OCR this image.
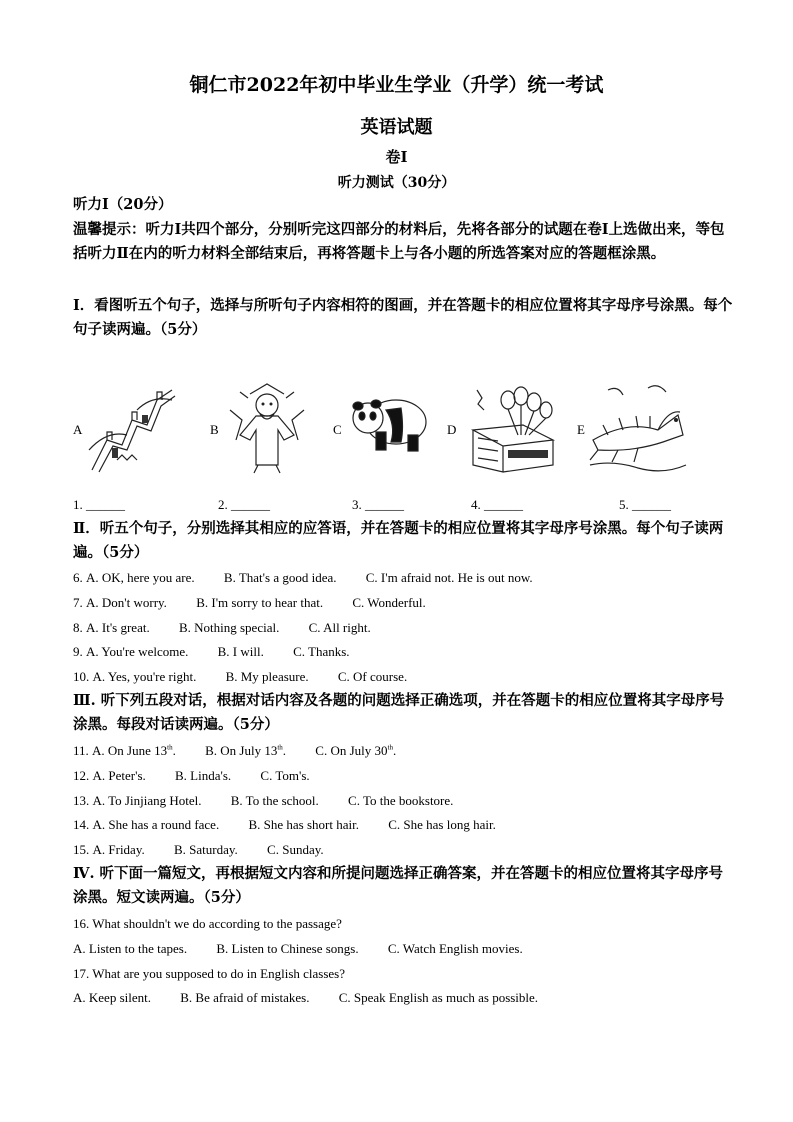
铜仁市2022年初中毕业生学业（升学）统一考试
英语试题
卷Ⅰ
听力测试（30分）
听力Ⅰ（20分）
温馨提示：听力Ⅰ共四个部分，分别听完这四部分的材料后，先将各部分的试题在卷Ⅰ上选做出来，等包括听力Ⅱ在内的听力材料全部结束后，再将答题卡上与各小题的所选答案对应的答题框涂黑。
Ⅰ．看图听五个句子，选择与所听句子内容相符的图画，并在答题卡的相应位置将其字母序号涂黑。每个句子读两遍。（5分）
A	B	C	D	E
1. ______	2. ______	3. ______	4. ______	5. ______
Ⅱ．听五个句子，分别选择其相应的应答语，并在答题卡的相应位置将其字母序号涂黑。每个句子读两遍。（5分）
6. A. OK, here you are. B. That's a good idea. C. I'm afraid not. He is out now.
7. A. Don't worry. B. I'm sorry to hear that. C. Wonderful.
8. A. It's great. B. Nothing special. C. All right.
9. A. You're welcome. B. I will. C. Thanks.
10. A. Yes, you're right. B. My pleasure. C. Of course.
Ⅲ. 听下列五段对话，根据对话内容及各题的问题选择正确选项，并在答题卡的相应位置将其字母序号涂黑。每段对话读两遍。（5分）
11. A. On June 13th. B. On July 13th. C. On July 30th.
12. A. Peter's. B. Linda's. C. Tom's.
13. A. To Jinjiang Hotel. B. To the school. C. To the bookstore.
14. A. She has a round face. B. She has short hair. C. She has long hair.
15. A. Friday. B. Saturday. C. Sunday.
Ⅳ. 听下面一篇短文，再根据短文内容和所提问题选择正确答案，并在答题卡的相应位置将其字母序号涂黑。短文读两遍。（5分）
16. What shouldn't we do according to the passage?
A. Listen to the tapes. B. Listen to Chinese songs. C. Watch English movies.
17. What are you supposed to do in English classes?
A. Keep silent. B. Be afraid of mistakes. C. Speak English as much as possible.
